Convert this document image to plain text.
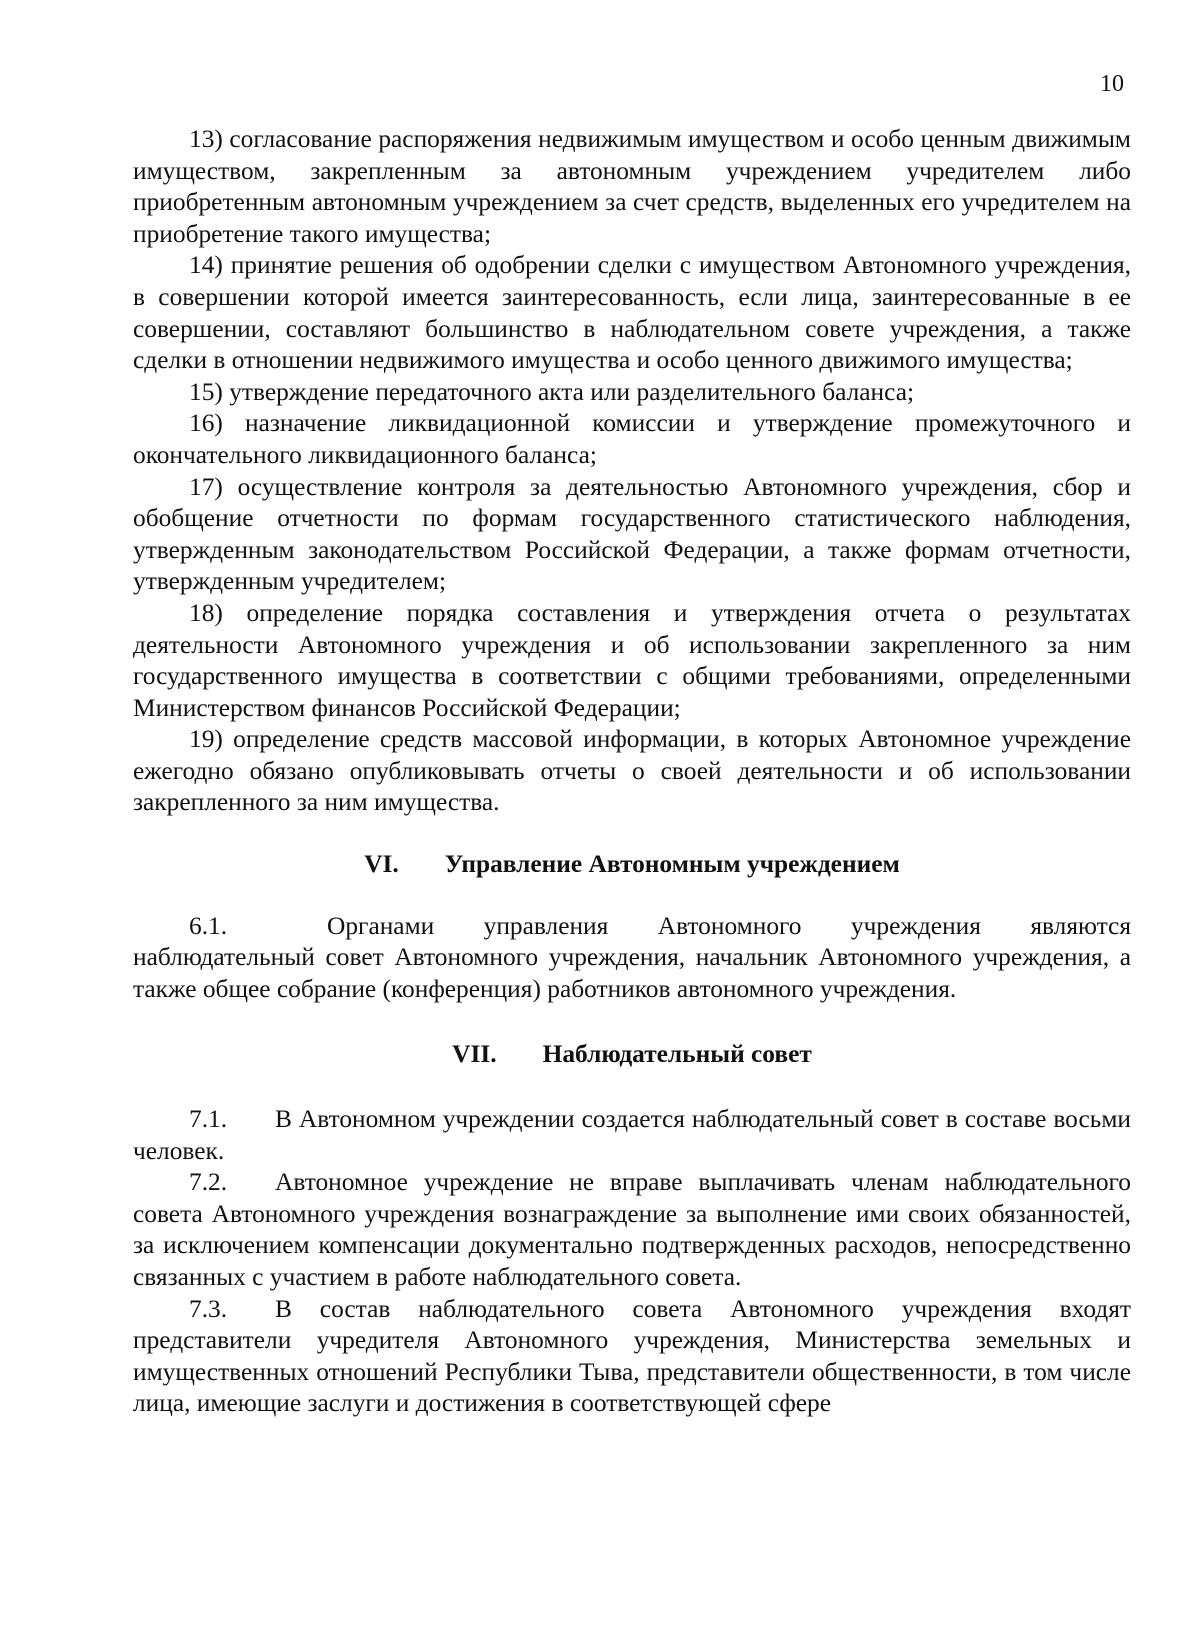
10

13) согласование распоряжения недвижимым имуществом и особо ценным движимым имуществом, закрепленным за автономным учреждением учредителем либо приобретенным автономным учреждением за счет средств, выделенных его учредителем на приобретение такого имущества;

14) принятие решения об одобрении сделки с имуществом Автономного учреждения, в совершении которой имеется заинтересованность, если лица, заинтересованные в ее совершении, составляют большинство в наблюдательном совете учреждения, а также сделки в отношении недвижимого имущества и особо ценного движимого имущества;

15) утверждение передаточного акта или разделительного баланса;

16) назначение ликвидационной комиссии и утверждение промежуточного и окончательного ликвидационного баланса;

17) осуществление контроля за деятельностью Автономного учреждения, сбор и обобщение отчетности по формам государственного статистического наблюдения, утвержденным законодательством Российской Федерации, а также формам отчетности, утвержденным учредителем;

18) определение порядка составления и утверждения отчета о результатах деятельности Автономного учреждения и об использовании закрепленного за ним государственного имущества в соответствии с общими требованиями, определенными Министерством финансов Российской Федерации;

19) определение средств массовой информации, в которых Автономное учреждение ежегодно обязано опубликовывать отчеты о своей деятельности и об использовании закрепленного за ним имущества.

VI. Управление Автономным учреждением

6.1.	Органами управления Автономного учреждения являются наблюдательный совет Автономного учреждения, начальник Автономного учреждения, а также общее собрание (конференция) работников автономного учреждения.

VII. Наблюдательный совет

7.1. В Автономном учреждении создается наблюдательный совет в составе восьми человек.

7.2. Автономное учреждение не вправе выплачивать членам наблюдательного совета Автономного учреждения вознаграждение за выполнение ими своих обязанностей, за исключением компенсации документально подтвержденных расходов, непосредственно связанных с участием в работе наблюдательного совета.

7.3. В состав наблюдательного совета Автономного учреждения входят представители учредителя Автономного учреждения, Министерства земельных и имущественных отношений Республики Тыва, представители общественности, в том числе лица, имеющие заслуги и достижения в соответствующей сфере
